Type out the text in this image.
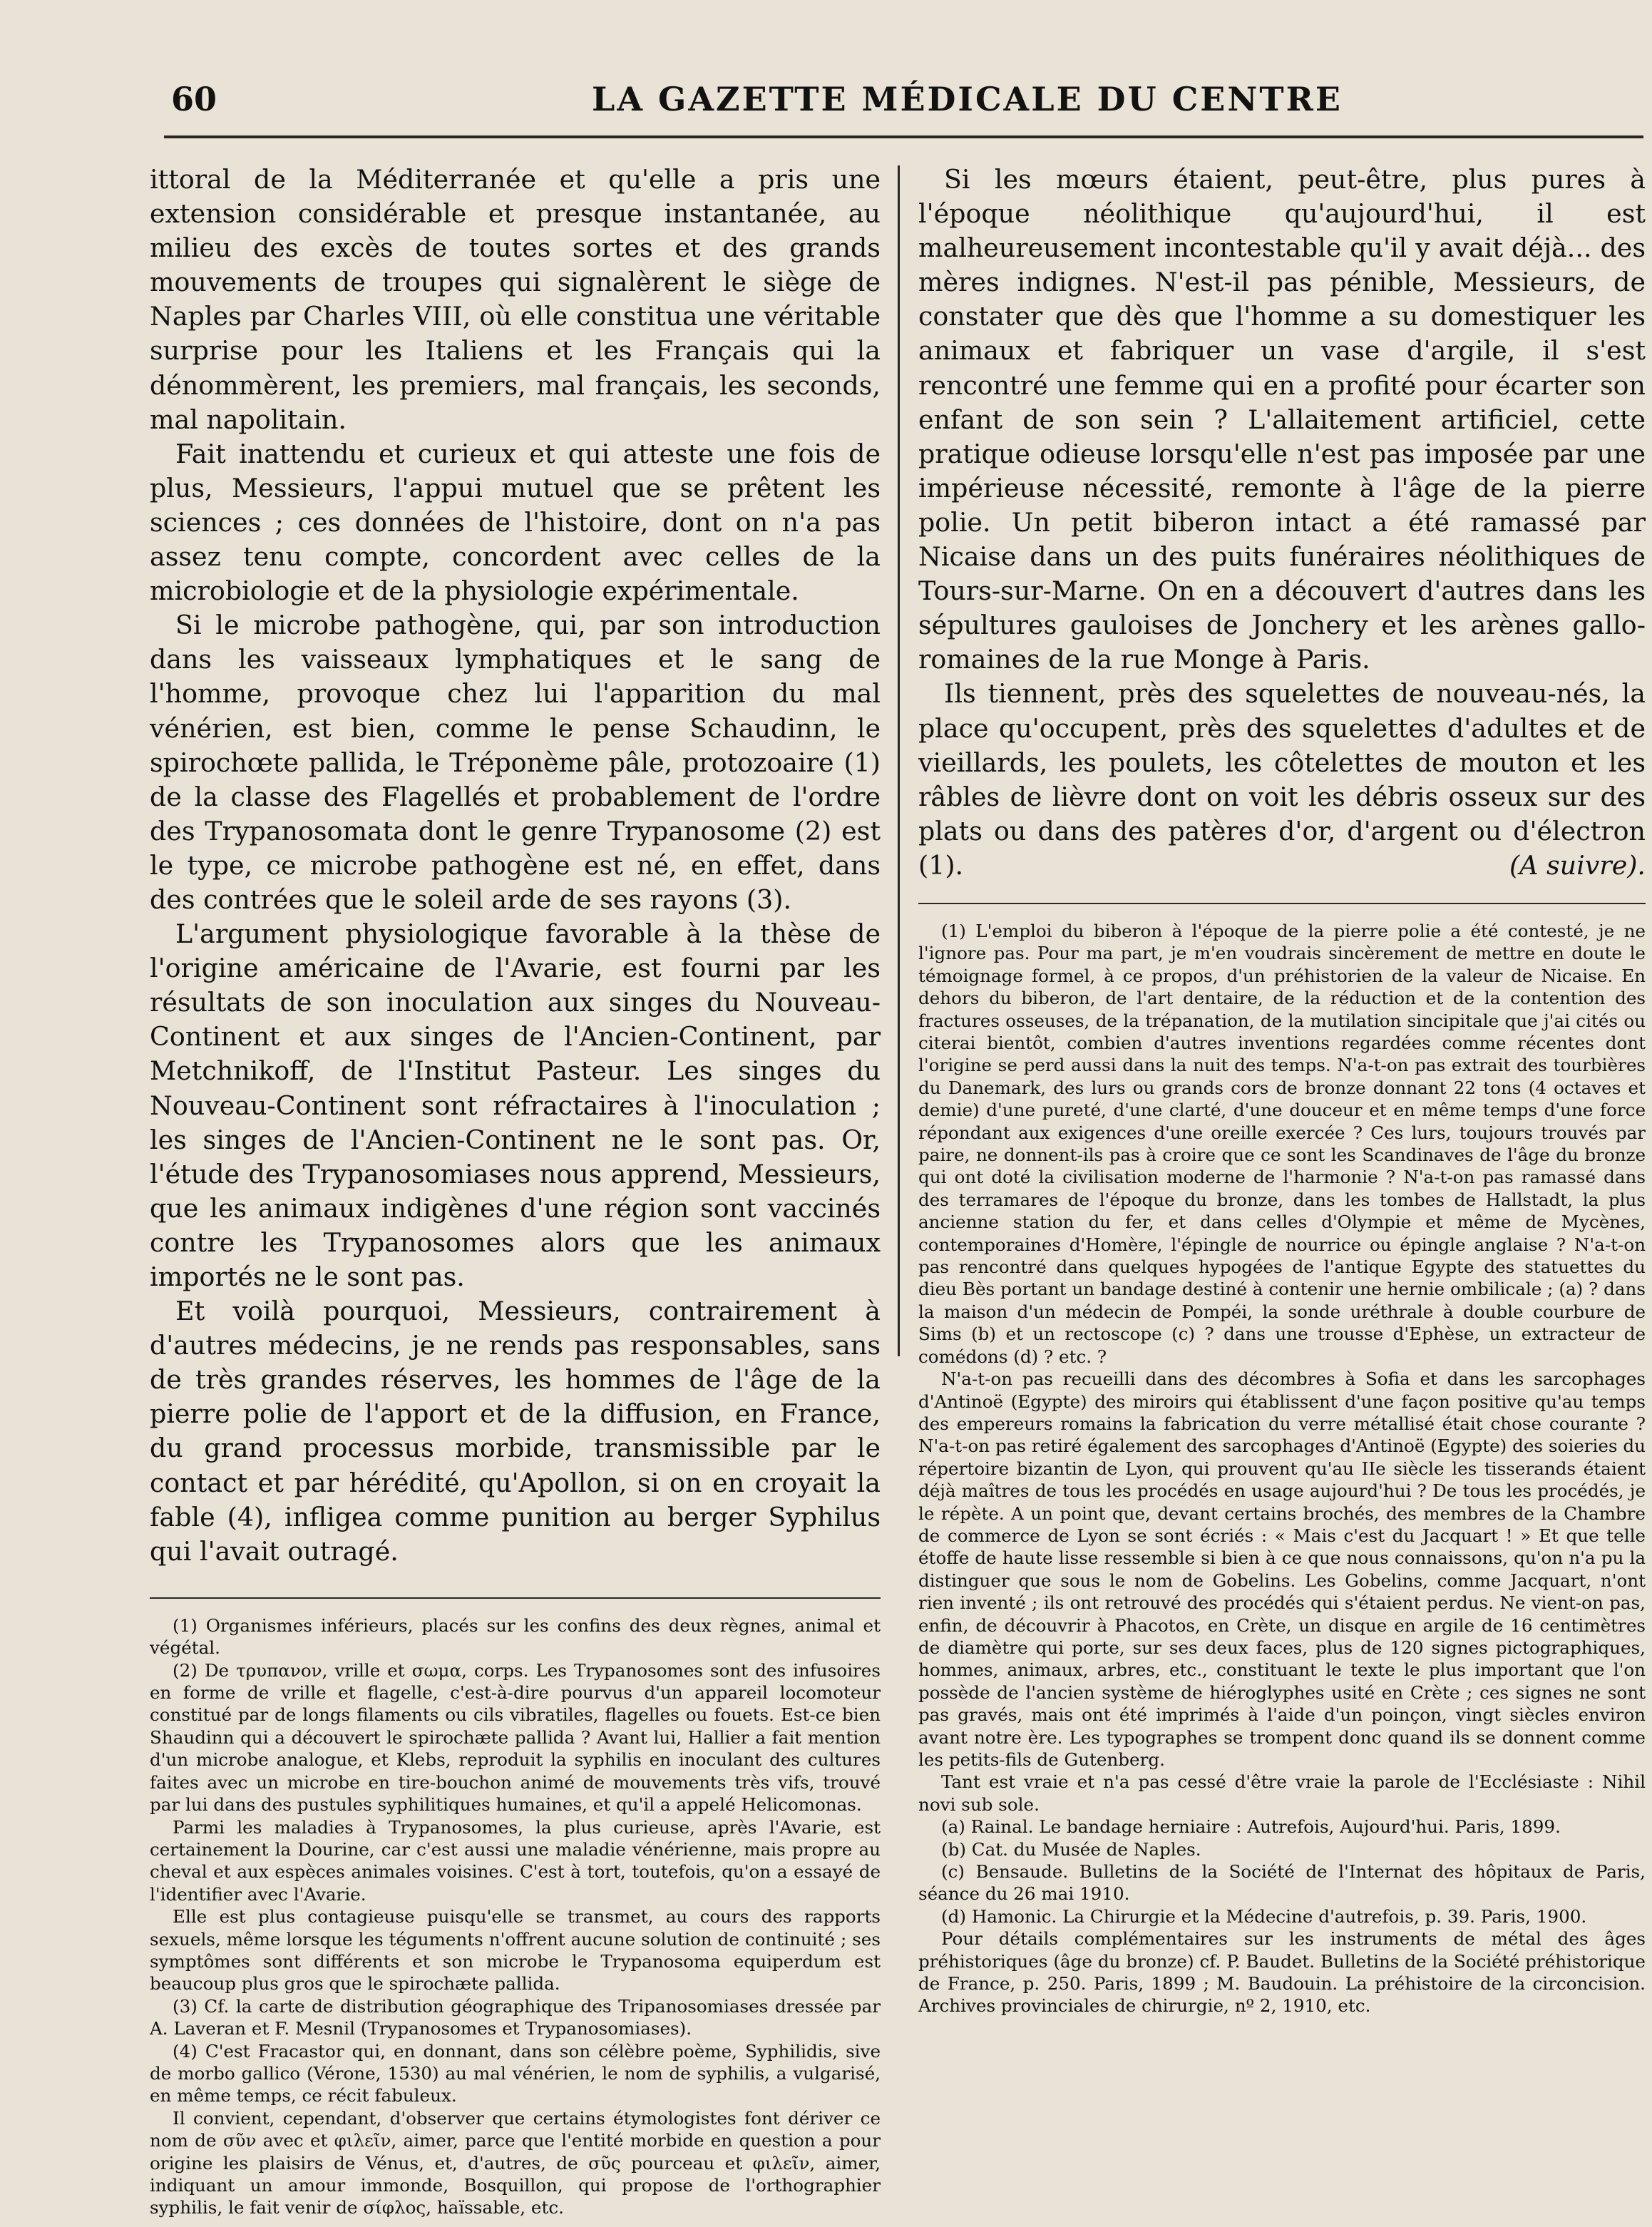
60	LA GAZETTE MÉDICALE DU CENTRE

ittoral de la Méditerranée et qu'elle a pris une extension considérable et presque instantanée, au milieu des excès de toutes sortes et des grands mouvements de troupes qui signalèrent le siège de Naples par Charles VIII, où elle constitua une véritable surprise pour les Italiens et les Français qui la dénommèrent, les premiers, mal français, les seconds, mal napolitain.

Fait inattendu et curieux et qui atteste une fois de plus, Messieurs, l'appui mutuel que se prêtent les sciences ; ces données de l'histoire, dont on n'a pas assez tenu compte, concordent avec celles de la microbiologie et de la physiologie expérimentale.

Si le microbe pathogène, qui, par son introduction dans les vaisseaux lymphatiques et le sang de l'homme, provoque chez lui l'apparition du mal vénérien, est bien, comme le pense Schaudinn, le spirochœte pallida, le Tréponème pâle, protozoaire (1) de la classe des Flagellés et probablement de l'ordre des Trypanosomata dont le genre Trypanosome (2) est le type, ce microbe pathogène est né, en effet, dans des contrées que le soleil arde de ses rayons (3).

L'argument physiologique favorable à la thèse de l'origine américaine de l'Avarie, est fourni par les résultats de son inoculation aux singes du Nouveau-Continent et aux singes de l'Ancien-Continent, par Metchnikoff, de l'Institut Pasteur. Les singes du Nouveau-Continent sont réfractaires à l'inoculation ; les singes de l'Ancien-Continent ne le sont pas. Or, l'étude des Trypanosomiases nous apprend, Messieurs, que les animaux indigènes d'une région sont vaccinés contre les Trypanosomes alors que les animaux importés ne le sont pas.

Et voilà pourquoi, Messieurs, contrairement à d'autres médecins, je ne rends pas responsables, sans de très grandes réserves, les hommes de l'âge de la pierre polie de l'apport et de la diffusion, en France, du grand processus morbide, transmissible par le contact et par hérédité, qu'Apollon, si on en croyait la fable (4), infligea comme punition au berger Syphilus qui l'avait outragé.

(1) Organismes inférieurs, placés sur les confins des deux règnes, animal et végétal.

(2) De τρυπανον, vrille et σωμα, corps. Les Trypanosomes sont des infusoires en forme de vrille et flagelle, c'est-à-dire pourvus d'un appareil locomoteur constitué par de longs filaments ou cils vibratiles, flagelles ou fouets. Est-ce bien Shaudinn qui a découvert le spirochæte pallida ? Avant lui, Hallier a fait mention d'un microbe analogue, et Klebs, reproduit la syphilis en inoculant des cultures faites avec un microbe en tire-bouchon animé de mouvements très vifs, trouvé par lui dans des pustules syphilitiques humaines, et qu'il a appelé Helicomonas.

Parmi les maladies à Trypanosomes, la plus curieuse, après l'Avarie, est certainement la Dourine, car c'est aussi une maladie vénérienne, mais propre au cheval et aux espèces animales voisines. C'est à tort, toutefois, qu'on a essayé de l'identifier avec l'Avarie.

Elle est plus contagieuse puisqu'elle se transmet, au cours des rapports sexuels, même lorsque les téguments n'offrent aucune solution de continuité ; ses symptômes sont différents et son microbe le Trypanosoma equiperdum est beaucoup plus gros que le spirochæte pallida.

(3) Cf. la carte de distribution géographique des Tripanosomiases dressée par A. Laveran et F. Mesnil (Trypanosomes et Trypanosomiases).

(4) C'est Fracastor qui, en donnant, dans son célèbre poème, Syphilidis, sive de morbo gallico (Vérone, 1530) au mal vénérien, le nom de syphilis, a vulgarisé, en même temps, ce récit fabuleux.

Il convient, cependant, d'observer que certains étymologistes font dériver ce nom de σῦν avec et φιλεῖν, aimer, parce que l'entité morbide en question a pour origine les plaisirs de Vénus, et, d'autres, de σῦς pourceau et φιλεῖν, aimer, indiquant un amour immonde, Bosquillon, qui propose de l'orthographier syphilis, le fait venir de σίφλος, haïssable, etc.

Si les mœurs étaient, peut-être, plus pures à l'époque néolithique qu'aujourd'hui, il est malheureusement incontestable qu'il y avait déjà... des mères indignes. N'est-il pas pénible, Messieurs, de constater que dès que l'homme a su domestiquer les animaux et fabriquer un vase d'argile, il s'est rencontré une femme qui en a profité pour écarter son enfant de son sein ? L'allaitement artificiel, cette pratique odieuse lorsqu'elle n'est pas imposée par une impérieuse nécessité, remonte à l'âge de la pierre polie. Un petit biberon intact a été ramassé par Nicaise dans un des puits funéraires néolithiques de Tours-sur-Marne. On en a découvert d'autres dans les sépultures gauloises de Jonchery et les arènes gallo-romaines de la rue Monge à Paris.

Ils tiennent, près des squelettes de nouveau-nés, la place qu'occupent, près des squelettes d'adultes et de vieillards, les poulets, les côtelettes de mouton et les râbles de lièvre dont on voit les débris osseux sur des plats ou dans des patères d'or, d'argent ou d'électron (1).	(A suivre).

(1) L'emploi du biberon à l'époque de la pierre polie a été contesté, je ne l'ignore pas. Pour ma part, je m'en voudrais sincèrement de mettre en doute le témoignage formel, à ce propos, d'un préhistorien de la valeur de Nicaise. En dehors du biberon, de l'art dentaire, de la réduction et de la contention des fractures osseuses, de la trépanation, de la mutilation sincipitale que j'ai cités ou citerai bientôt, combien d'autres inventions regardées comme récentes dont l'origine se perd aussi dans la nuit des temps. N'a-t-on pas extrait des tourbières du Danemark, des lurs ou grands cors de bronze donnant 22 tons (4 octaves et demie) d'une pureté, d'une clarté, d'une douceur et en même temps d'une force répondant aux exigences d'une oreille exercée ? Ces lurs, toujours trouvés par paire, ne donnent-ils pas à croire que ce sont les Scandinaves de l'âge du bronze qui ont doté la civilisation moderne de l'harmonie ? N'a-t-on pas ramassé dans des terramares de l'époque du bronze, dans les tombes de Hallstadt, la plus ancienne station du fer, et dans celles d'Olympie et même de Mycènes, contemporaines d'Homère, l'épingle de nourrice ou épingle anglaise ? N'a-t-on pas rencontré dans quelques hypogées de l'antique Egypte des statuettes du dieu Bès portant un bandage destiné à contenir une hernie ombilicale ; (a) ? dans la maison d'un médecin de Pompéi, la sonde uréthrale à double courbure de Sims (b) et un rectoscope (c) ? dans une trousse d'Ephèse, un extracteur de comédons (d) ? etc. ?

N'a-t-on pas recueilli dans des décombres à Sofia et dans les sarcophages d'Antinoë (Egypte) des miroirs qui établissent d'une façon positive qu'au temps des empereurs romains la fabrication du verre métallisé était chose courante ? N'a-t-on pas retiré également des sarcophages d'Antinoë (Egypte) des soieries du répertoire bizantin de Lyon, qui prouvent qu'au IIe siècle les tisserands étaient déjà maîtres de tous les procédés en usage aujourd'hui ? De tous les procédés, je le répète. A un point que, devant certains brochés, des membres de la Chambre de commerce de Lyon se sont écriés : « Mais c'est du Jacquart ! » Et que telle étoffe de haute lisse ressemble si bien à ce que nous connaissons, qu'on n'a pu la distinguer que sous le nom de Gobelins. Les Gobelins, comme Jacquart, n'ont rien inventé ; ils ont retrouvé des procédés qui s'étaient perdus. Ne vient-on pas, enfin, de découvrir à Phacotos, en Crète, un disque en argile de 16 centimètres de diamètre qui porte, sur ses deux faces, plus de 120 signes pictographiques, hommes, animaux, arbres, etc., constituant le texte le plus important que l'on possède de l'ancien système de hiéroglyphes usité en Crète ; ces signes ne sont pas gravés, mais ont été imprimés à l'aide d'un poinçon, vingt siècles environ avant notre ère. Les typographes se trompent donc quand ils se donnent comme les petits-fils de Gutenberg.

Tant est vraie et n'a pas cessé d'être vraie la parole de l'Ecclésiaste : Nihil novi sub sole.

(a) Rainal. Le bandage herniaire : Autrefois, Aujourd'hui. Paris, 1899.

(b) Cat. du Musée de Naples.

(c) Bensaude. Bulletins de la Société de l'Internat des hôpitaux de Paris, séance du 26 mai 1910.

(d) Hamonic. La Chirurgie et la Médecine d'autrefois, p. 39. Paris, 1900.

Pour détails complémentaires sur les instruments de métal des âges préhistoriques (âge du bronze) cf. P. Baudet. Bulletins de la Société préhistorique de France, p. 250. Paris, 1899 ; M. Baudouin. La préhistoire de la circoncision. Archives provinciales de chirurgie, nº 2, 1910, etc.
